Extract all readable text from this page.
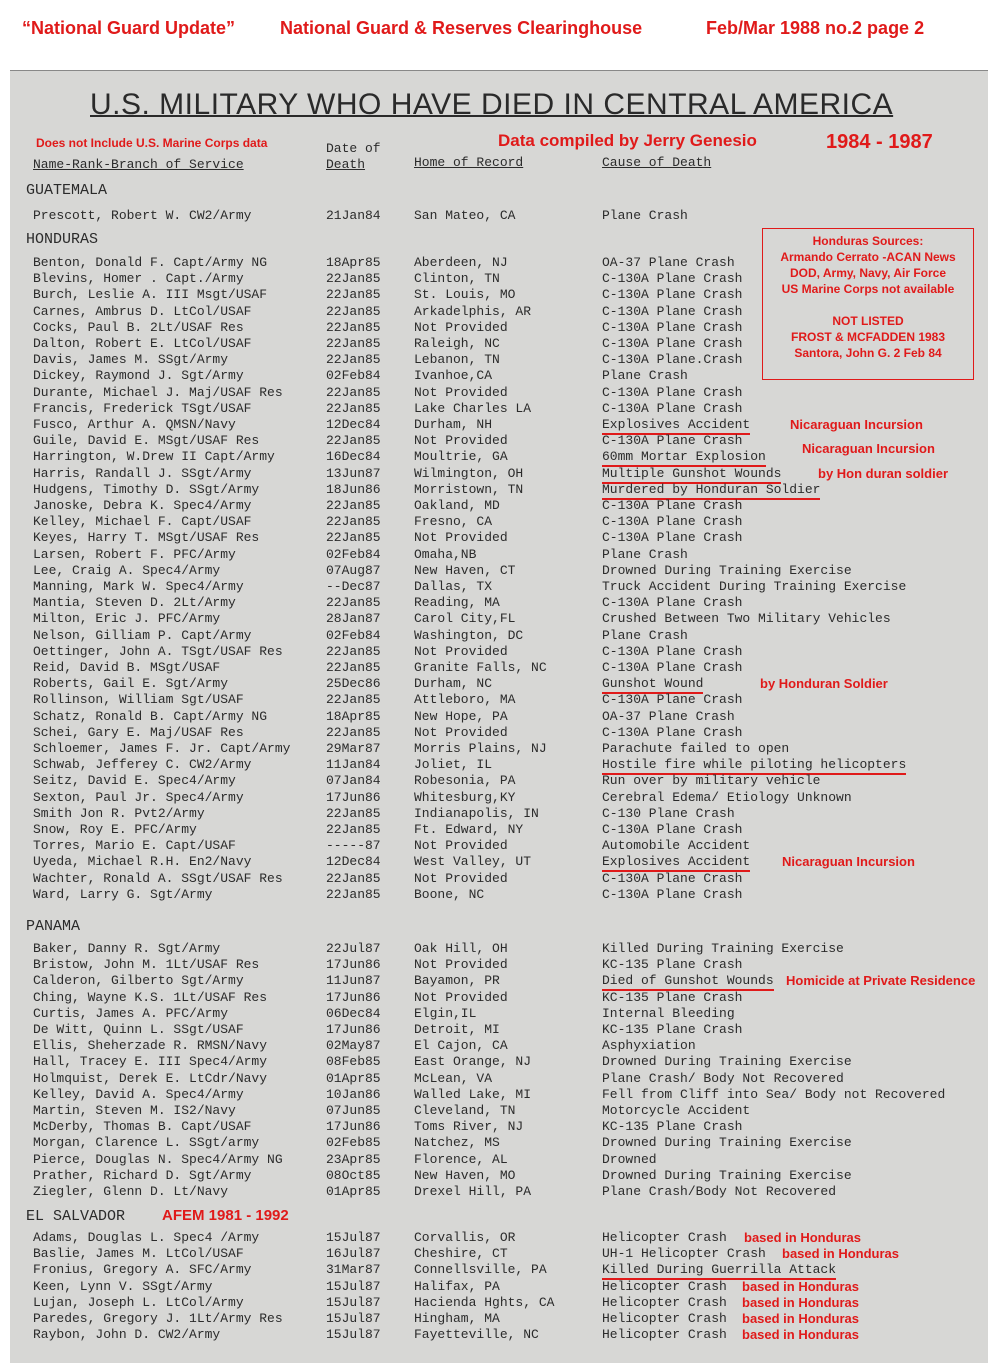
“National Guard Update” National Guard & Reserves Clearinghouse	Feb/Mar 1988 no.2 page 2
U.S. MILITARY WHO HAVE DIED IN CENTRAL AMERICA
Does not Include U.S. Marine Corps data	Data compiled by Jerry Genesio	1984 - 1987
Date of
Name-Rank-Branch of Service	Death	Home of Record	Cause of Death
Honduras Sources:
Armando Cerrato -ACAN News
DOD, Army, Navy, Air Force
US Marine Corps not available
NOT LISTED
FROST & MCFADDEN 1983
Santora, John G. 2 Feb 84
GUATEMALA
Prescott, Robert W. CW2/Army	21Jan84	San Mateo, CA	Plane Crash
HONDURAS
Benton, Donald F. Capt/Army NG	18Apr85	Aberdeen, NJ	OA-37 Plane Crash
Blevins, Homer . Capt./Army	22Jan85	Clinton, TN	C-130A Plane Crash
Burch, Leslie A. III Msgt/USAF	22Jan85	St. Louis, MO	C-130A Plane Crash
Carnes, Ambrus D. LtCol/USAF	22Jan85	Arkadelphis, AR	C-130A Plane Crash
Cocks, Paul B. 2Lt/USAF Res	22Jan85	Not Provided	C-130A Plane Crash
Dalton, Robert E. LtCol/USAF	22Jan85	Raleigh, NC	C-130A Plane Crash
Davis, James M. SSgt/Army	22Jan85	Lebanon, TN	C-130A Plane.Crash
Dickey, Raymond J. Sgt/Army	02Feb84	Ivanhoe,CA	Plane Crash
Durante, Michael J. Maj/USAF Res	22Jan85	Not Provided	C-130A Plane Crash
Francis, Frederick TSgt/USAF	22Jan85	Lake Charles LA	C-130A Plane Crash
Fusco, Arthur A. QMSN/Navy	12Dec84	Durham, NH	Explosives Accident	Nicaraguan Incursion
Guile, David E. MSgt/USAF Res	22Jan85	Not Provided	C-130A Plane Crash
Harrington, W.Drew II Capt/Army	16Dec84	Moultrie, GA	60mm Mortar Explosion
Nicaraguan Incursion
Harris, Randall J. SSgt/Army	13Jun87	Wilmington, OH	Multiple Gunshot Wounds	by Hon duran soldier
Hudgens, Timothy D. SSgt/Army	18Jun86	Morristown, TN	Murdered by Honduran Soldier
Janoske, Debra K. Spec4/Army	22Jan85	Oakland, MD	C-130A Plane Crash
Kelley, Michael F. Capt/USAF	22Jan85	Fresno, CA	C-130A Plane Crash
Keyes, Harry T. MSgt/USAF Res	22Jan85	Not Provided	C-130A Plane Crash
Larsen, Robert F. PFC/Army	02Feb84	Omaha,NB	Plane Crash
Lee, Craig A. Spec4/Army	07Aug87	New Haven, CT	Drowned During Training Exercise
Manning, Mark W. Spec4/Army	--Dec87	Dallas, TX	Truck Accident During Training Exercise
Mantia, Steven D. 2Lt/Army	22Jan85	Reading, MA	C-130A Plane Crash
Milton, Eric J. PFC/Army	28Jan87	Carol City,FL	Crushed Between Two Military Vehicles
Nelson, Gilliam P. Capt/Army	02Feb84	Washington, DC	Plane Crash
Oettinger, John A. TSgt/USAF Res	22Jan85	Not Provided	C-130A Plane Crash
Reid, David B. MSgt/USAF	22Jan85	Granite Falls, NC	C-130A Plane Crash
Roberts, Gail E. Sgt/Army	25Dec86	Durham, NC	Gunshot Wound	by Honduran Soldier
Rollinson, William Sgt/USAF	22Jan85	Attleboro, MA	C-130A Plane Crash
Schatz, Ronald B. Capt/Army NG	18Apr85	New Hope, PA	OA-37 Plane Crash
Schei, Gary E. Maj/USAF Res	22Jan85	Not Provided	C-130A Plane Crash
Schloemer, James F. Jr. Capt/Army	29Mar87	Morris Plains, NJ	Parachute failed to open
Schwab, Jefferey C. CW2/Army	11Jan84	Joliet, IL	Hostile fire while piloting helicopters
Seitz, David E. Spec4/Army	07Jan84	Robesonia, PA	Run over by military vehicle
Sexton, Paul Jr. Spec4/Army	17Jun86	Whitesburg,KY	Cerebral Edema/ Etiology Unknown
Smith Jon R. Pvt2/Army	22Jan85	Indianapolis, IN	C-130 Plane Crash
Snow, Roy E. PFC/Army	22Jan85	Ft. Edward, NY	C-130A Plane Crash
Torres, Mario E. Capt/USAF	-----87	Not Provided	Automobile Accident
Uyeda, Michael R.H. En2/Navy	12Dec84	West Valley, UT	Explosives Accident Nicaraguan Incursion
Wachter, Ronald A. SSgt/USAF Res	22Jan85	Not Provided	C-130A Plane Crash
Ward, Larry G. Sgt/Army	22Jan85	Boone, NC	C-130A Plane Crash
PANAMA
Baker, Danny R. Sgt/Army	22Jul87	Oak Hill, OH	Killed During Training Exercise
Bristow, John M. 1Lt/USAF Res	17Jun86	Not Provided	KC-135 Plane Crash
Calderon, Gilberto Sgt/Army	11Jun87	Bayamon, PR	Died of Gunshot Wounds Homicide at Private Residence
Ching, Wayne K.S. 1Lt/USAF Res	17Jun86	Not Provided	KC-135 Plane Crash
Curtis, James A. PFC/Army	06Dec84	Elgin,IL	Internal Bleeding
De Witt, Quinn L. SSgt/USAF	17Jun86	Detroit, MI	KC-135 Plane Crash
Ellis, Sheherzade R. RMSN/Navy	02May87	El Cajon, CA	Asphyxiation
Hall, Tracey E. III Spec4/Army	08Feb85	East Orange, NJ	Drowned During Training Exercise
Holmquist, Derek E. LtCdr/Navy	01Apr85	McLean, VA	Plane Crash/ Body Not Recovered
Kelley, David A. Spec4/Army	10Jan86	Walled Lake, MI	Fell from Cliff into Sea/ Body not Recovered
Martin, Steven M. IS2/Navy	07Jun85	Cleveland, TN	Motorcycle Accident
McDerby, Thomas B. Capt/USAF	17Jun86	Toms River, NJ	KC-135 Plane Crash
Morgan, Clarence L. SSgt/army	02Feb85	Natchez, MS	Drowned During Training Exercise
Pierce, Douglas N. Spec4/Army NG	23Apr85	Florence, AL	Drowned
Prather, Richard D. Sgt/Army	08Oct85	New Haven, MO	Drowned During Training Exercise
Ziegler, Glenn D. Lt/Navy	01Apr85	Drexel Hill, PA	Plane Crash/Body Not Recovered
EL SALVADOR
Adams, Douglas L. Spec4 /Army	15Jul87	Corvallis, OR	Helicopter Crash based in Honduras
Baslie, James M. LtCol/USAF	16Jul87	Cheshire, CT	UH-1 Helicopter Crash based in Honduras
Fronius, Gregory A. SFC/Army	31Mar87	Connellsville, PA	Killed During Guerrilla Attack
Keen, Lynn V. SSgt/Army	15Jul87	Halifax, PA	Helicopter Crash based in Honduras
Lujan, Joseph L. LtCol/Army	15Jul87	Hacienda Hghts, CA	Helicopter Crash based in Honduras
Paredes, Gregory J. 1Lt/Army Res	15Jul87	Hingham, MA	Helicopter Crash based in Honduras
Raybon, John D. CW2/Army	15Jul87	Fayetteville, NC	Helicopter Crash based in Honduras
AFEM 1981 - 1992
